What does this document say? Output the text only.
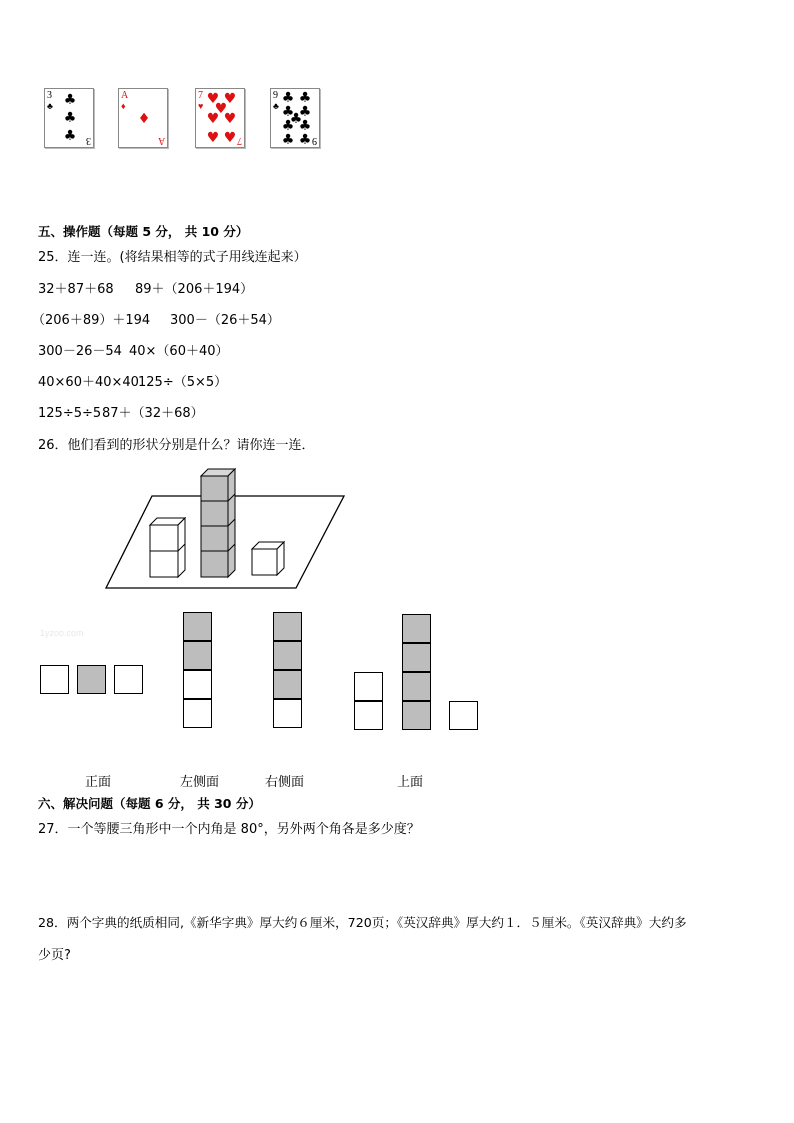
3
♣ ♣
♣
♣ 3
A
♦
♦
A
7
♥ ♥ ♥
♥
♥ ♥
♥ ♥ 7
9
♣ ♣ ♣
♣ ♣
♣
♣ ♣
♣ ♣ 9
五、操作题（每题 5 分， 共 10 分）
25．连一连。(将结果相等的式子用线连起来）
32＋87＋68 89＋（206＋194）
（206＋89）＋194 300－（26＋54）
300－26－54 40×（60＋40）
40×60＋40×40 125÷（5×5）
125÷5÷5 87＋（32＋68）
26．他们看到的形状分别是什么？请你连一连．
1yzoo.com
正面	左侧面	右侧面	上面
六、解决问题（每题 6 分， 共 30 分）
27．一个等腰三角形中一个内角是 80°，另外两个角各是多少度？
28．两个字典的纸质相同,《新华字典》厚大约６厘米，720页；《英汉辞典》厚大约１．５厘米。《英汉辞典》大约多
少页?
